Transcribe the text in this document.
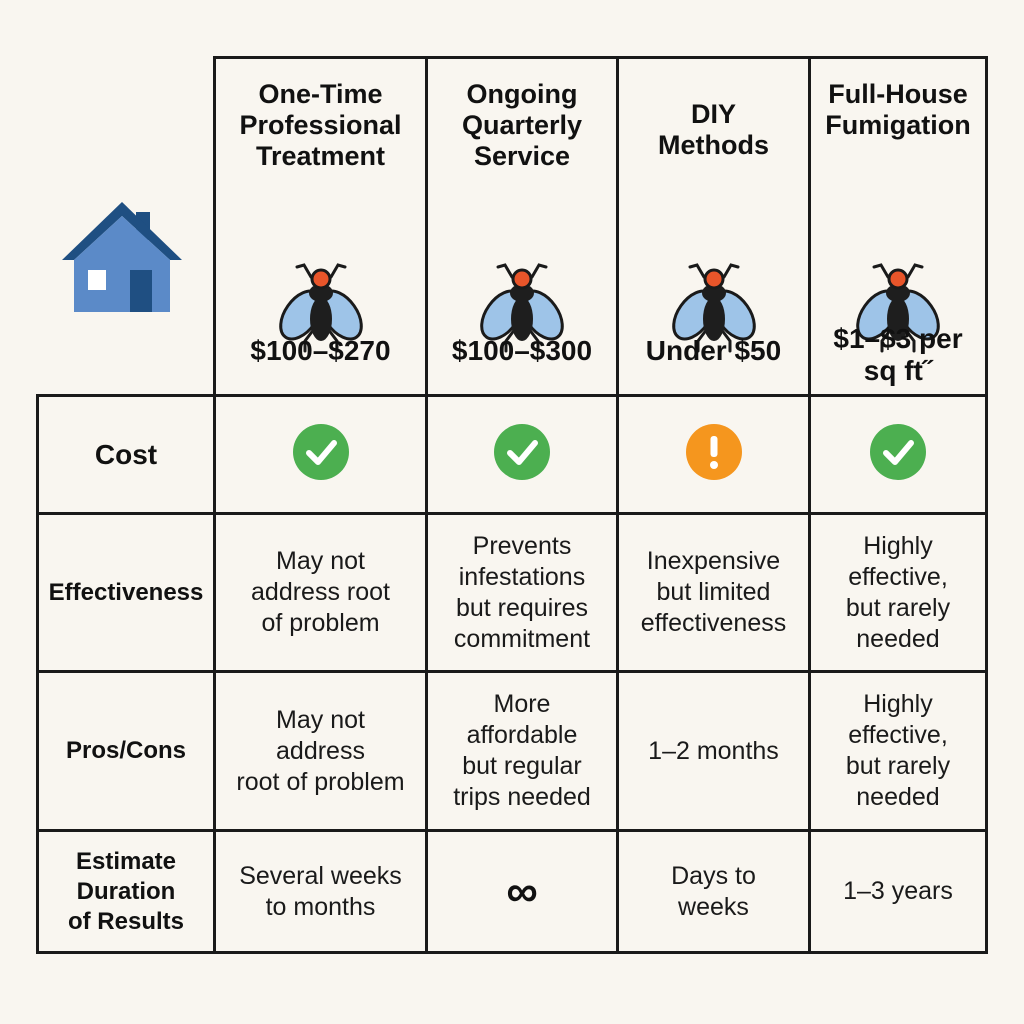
One-Time
Professional
Treatment
$100–$270
Ongoing
Quarterly
Service
$100–$300
DIY
Methods
Under $50
Full-House
Fumigation
$1–$3 per
sq ft˝
Cost
Effectiveness
Pros/Cons
Estimate
Duration
of Results
May not
address root
of problem
Prevents
infestations
but requires
commitment
Inexpensive
but limited
effectiveness
Highly
effective,
but rarely
needed
May not
address
root of problem
More
affordable
but regular
trips needed
1–2 months
Highly
effective,
but rarely
needed
Several weeks
to months	∞	Days to
weeks
1–3 years
